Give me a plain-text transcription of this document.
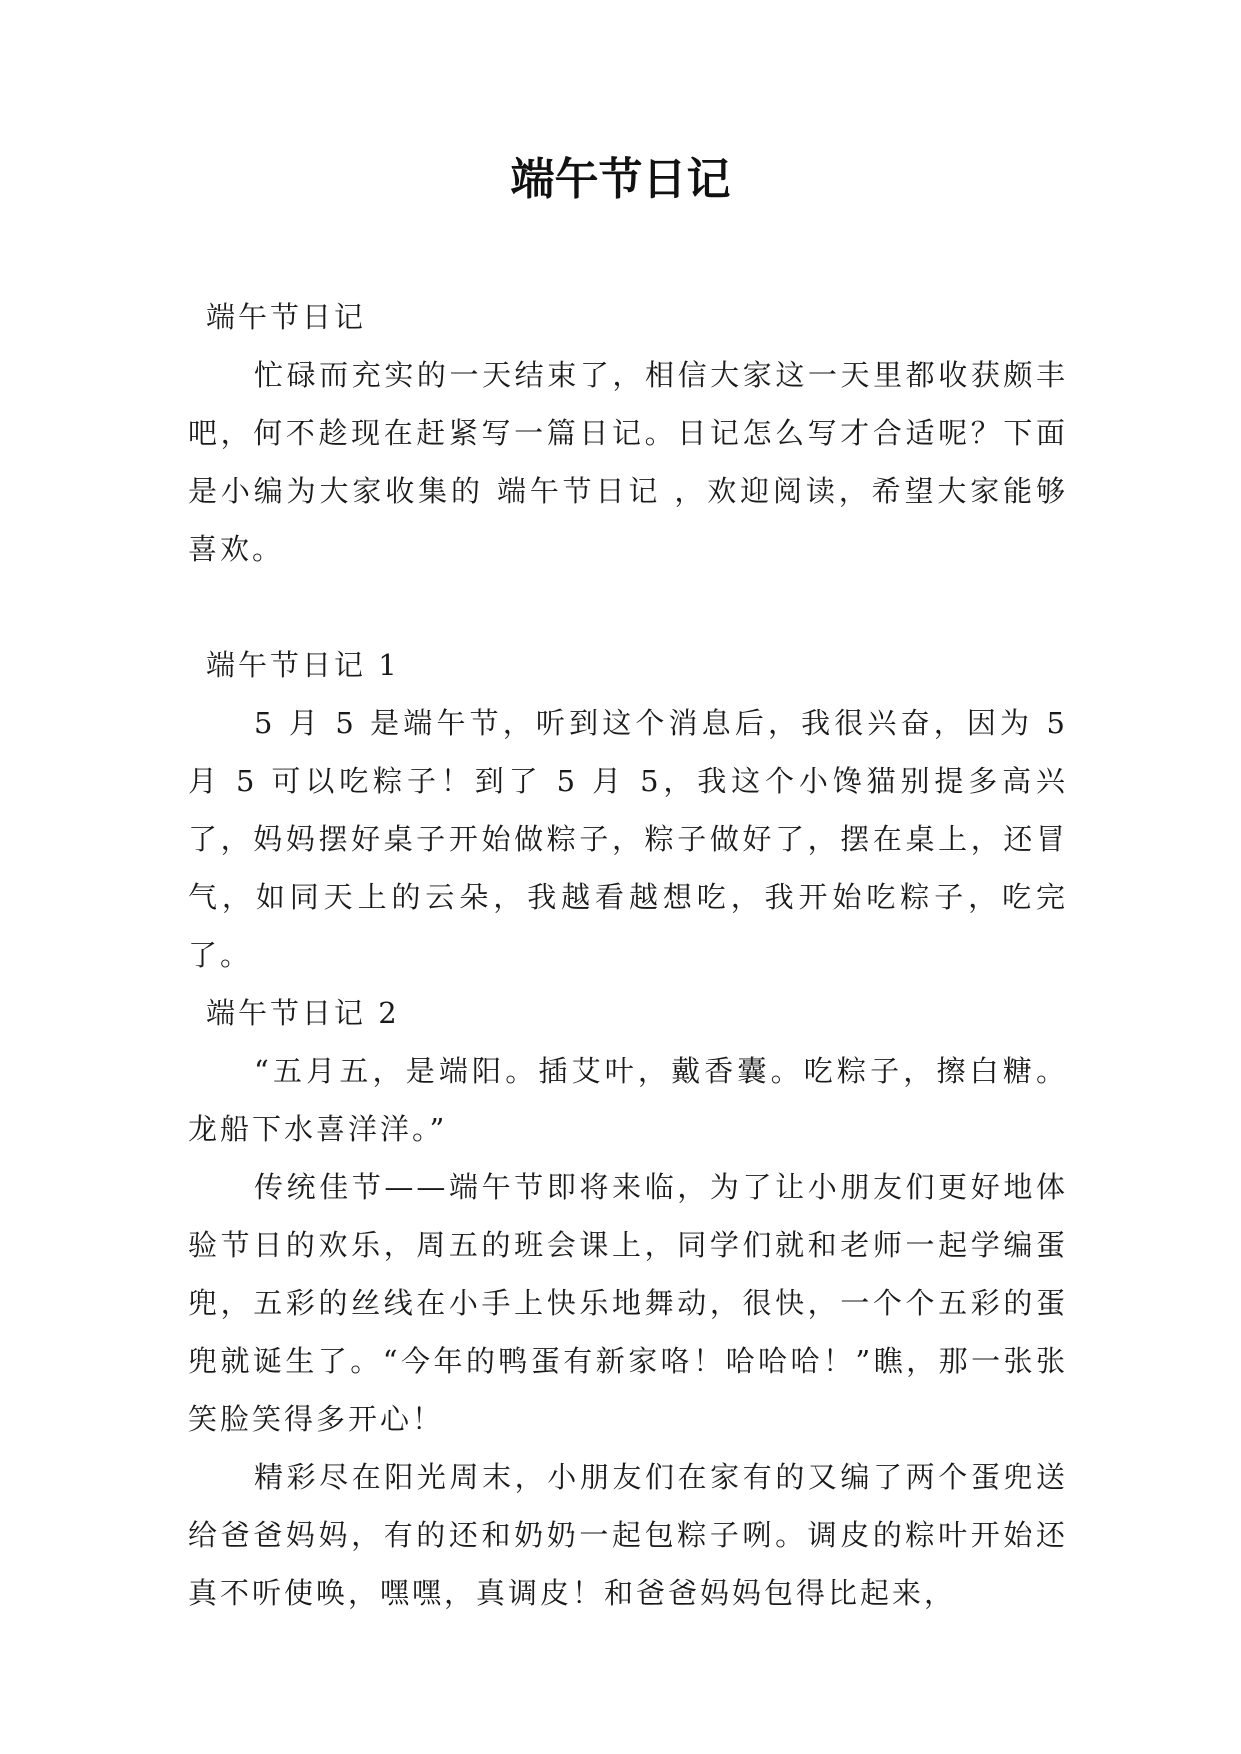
端午节日记

端午节日记

忙碌而充实的一天结束了，相信大家这一天里都收获颇丰吧，何不趁现在赶紧写一篇日记。日记怎么写才合适呢？下面是小编为大家收集的 端午节日记 ，欢迎阅读，希望大家能够喜欢。

端午节日记 1

5 月 5 是端午节，听到这个消息后，我很兴奋，因为 5 月 5 可以吃粽子！到了 5 月 5，我这个小馋猫别提多高兴了，妈妈摆好桌子开始做粽子，粽子做好了，摆在桌上，还冒气，如同天上的云朵，我越看越想吃，我开始吃粽子，吃完了。

端午节日记 2

“五月五，是端阳。插艾叶，戴香囊。吃粽子，擦白糖。龙船下水喜洋洋。”

传统佳节——端午节即将来临，为了让小朋友们更好地体验节日的欢乐，周五的班会课上，同学们就和老师一起学编蛋兜，五彩的丝线在小手上快乐地舞动，很快，一个个五彩的蛋兜就诞生了。“今年的鸭蛋有新家咯！哈哈哈！”瞧，那一张张笑脸笑得多开心！

精彩尽在阳光周末，小朋友们在家有的又编了两个蛋兜送给爸爸妈妈，有的还和奶奶一起包粽子咧。调皮的粽叶开始还真不听使唤，嘿嘿，真调皮！和爸爸妈妈包得比起来，
